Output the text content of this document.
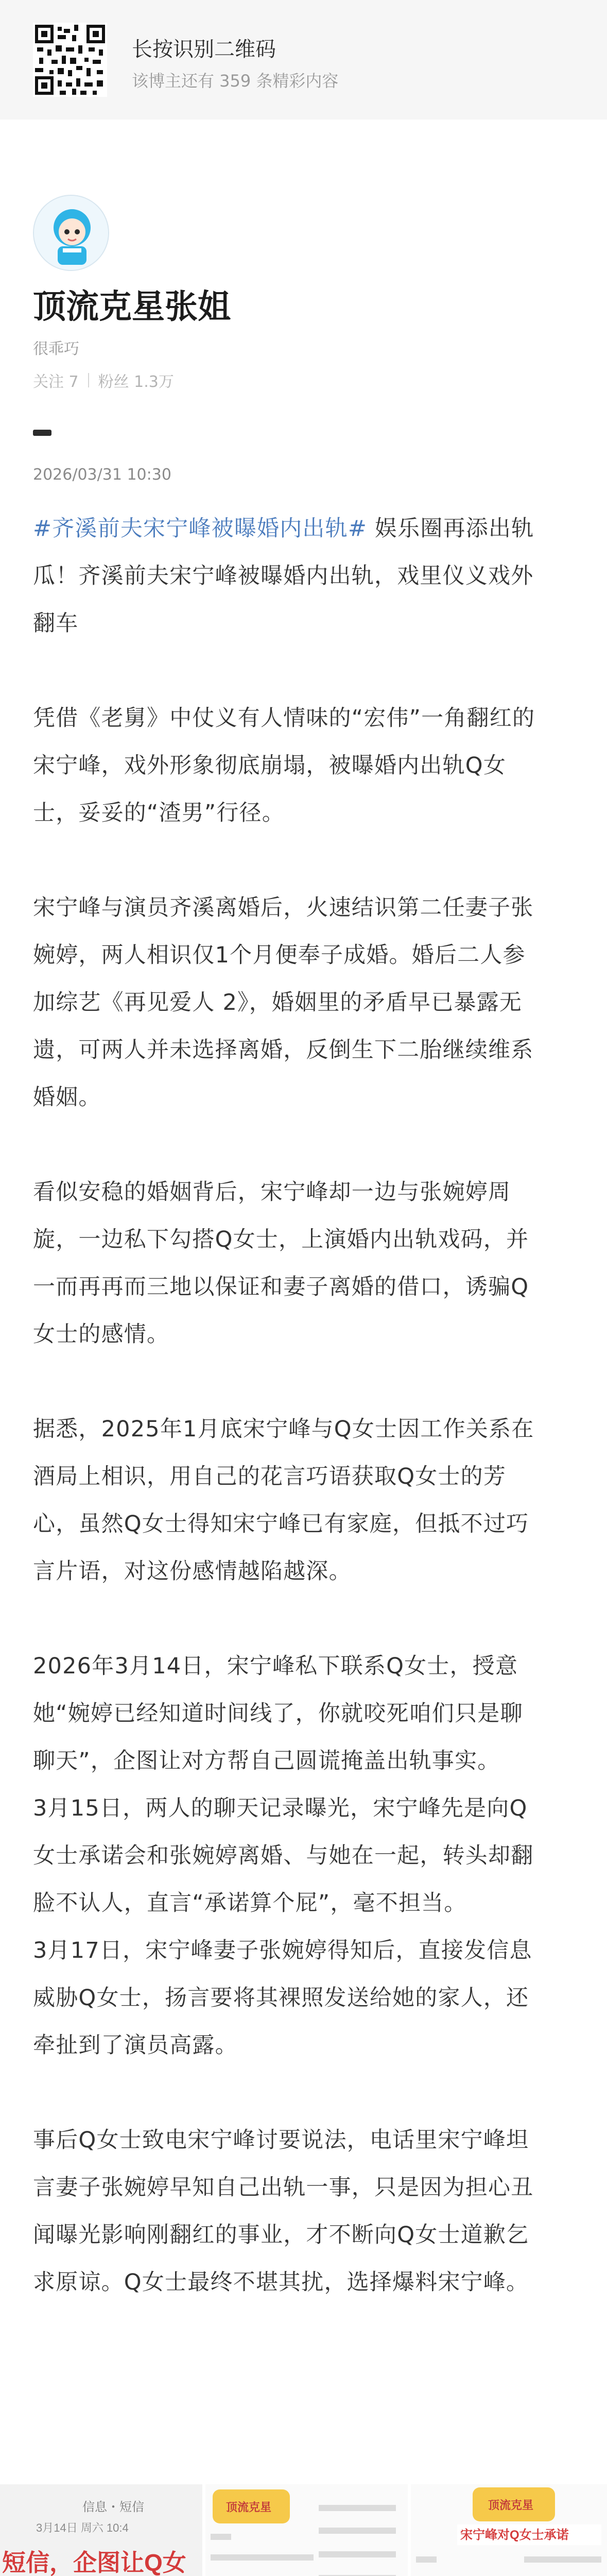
长按识别二维码
该博主还有 359 条精彩内容
顶流克星张姐
很乖巧
关注 7 粉丝 1.3万
2026/03/31 10:30

#齐溪前夫宋宁峰被曝婚内出轨# 娱乐圈再添出轨

瓜！齐溪前夫宋宁峰被曝婚内出轨，戏里仪义戏外

翻车

凭借《老舅》中仗义有人情味的“宏伟”一角翻红的

宋宁峰，戏外形象彻底崩塌，被曝婚内出轨Q女

士，妥妥的“渣男”行径。

宋宁峰与演员齐溪离婚后，火速结识第二任妻子张

婉婷，两人相识仅1个月便奉子成婚。婚后二人参

加综艺《再见爱人 2》，婚姻里的矛盾早已暴露无

遗，可两人并未选择离婚，反倒生下二胎继续维系

婚姻。

看似安稳的婚姻背后，宋宁峰却一边与张婉婷周

旋，一边私下勾搭Q女士，上演婚内出轨戏码，并

一而再再而三地以保证和妻子离婚的借口，诱骗Q

女士的感情。

据悉，2025年1月底宋宁峰与Q女士因工作关系在

酒局上相识，用自己的花言巧语获取Q女士的芳

心，虽然Q女士得知宋宁峰已有家庭，但抵不过巧

言片语，对这份感情越陷越深。

2026年3月14日，宋宁峰私下联系Q女士，授意

她“婉婷已经知道时间线了，你就咬死咱们只是聊

聊天”，企图让对方帮自己圆谎掩盖出轨事实。

3月15日，两人的聊天记录曝光，宋宁峰先是向Q

女士承诺会和张婉婷离婚、与她在一起，转头却翻

脸不认人，直言“承诺算个屁”，毫不担当。

3月17日，宋宁峰妻子张婉婷得知后，直接发信息

威胁Q女士，扬言要将其裸照发送给她的家人，还

牵扯到了演员高露。

事后Q女士致电宋宁峰讨要说法，电话里宋宁峰坦

言妻子张婉婷早知自己出轨一事，只是因为担心丑

闻曝光影响刚翻红的事业，才不断向Q女士道歉乞

求原谅。Q女士最终不堪其扰，选择爆料宋宁峰。

信息・短信
3月14日 周六 10:4
短信，企图让Q女
顶流克星	顶流克星
宋宁峰对Q女士承诺
